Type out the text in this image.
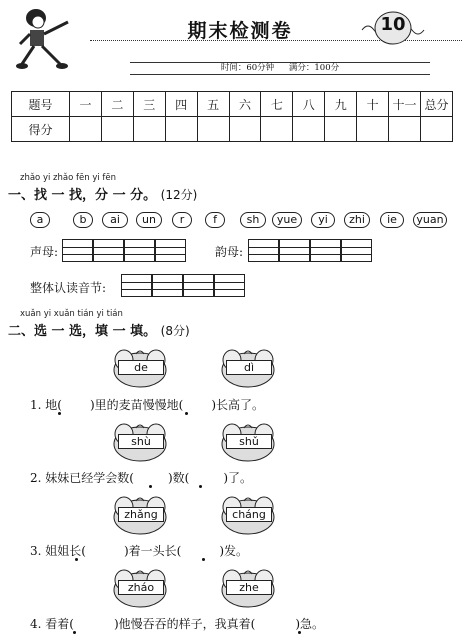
期末检测卷	10
时间：60分钟 满分：100分
题号	一	二	三	四	五	六	七	八	九	十	十一	总分
得分												
zhǎo yi zhǎo fēn yi fēn
一、找 一 找，分 一 分。 (12分)
a	b	ai	un	r	f	sh	yue	yi	zhi	ie	yuan
声母:	韵母:
整体认读音节:
xuǎn yi xuǎn tián yi tián
二、选 一 选，填 一 填。 (8分)
de	dì
1. 地( )里的麦苗慢慢地( )长高了。
shù	shǔ
2. 妹妹已经学会数(	)数(	)了。
zhǎng	cháng
3. 姐姐长(	)着一头长(	)发。
zháo	zhe
4. 看着(	)他慢吞吞的样子，我真着(	)急。
